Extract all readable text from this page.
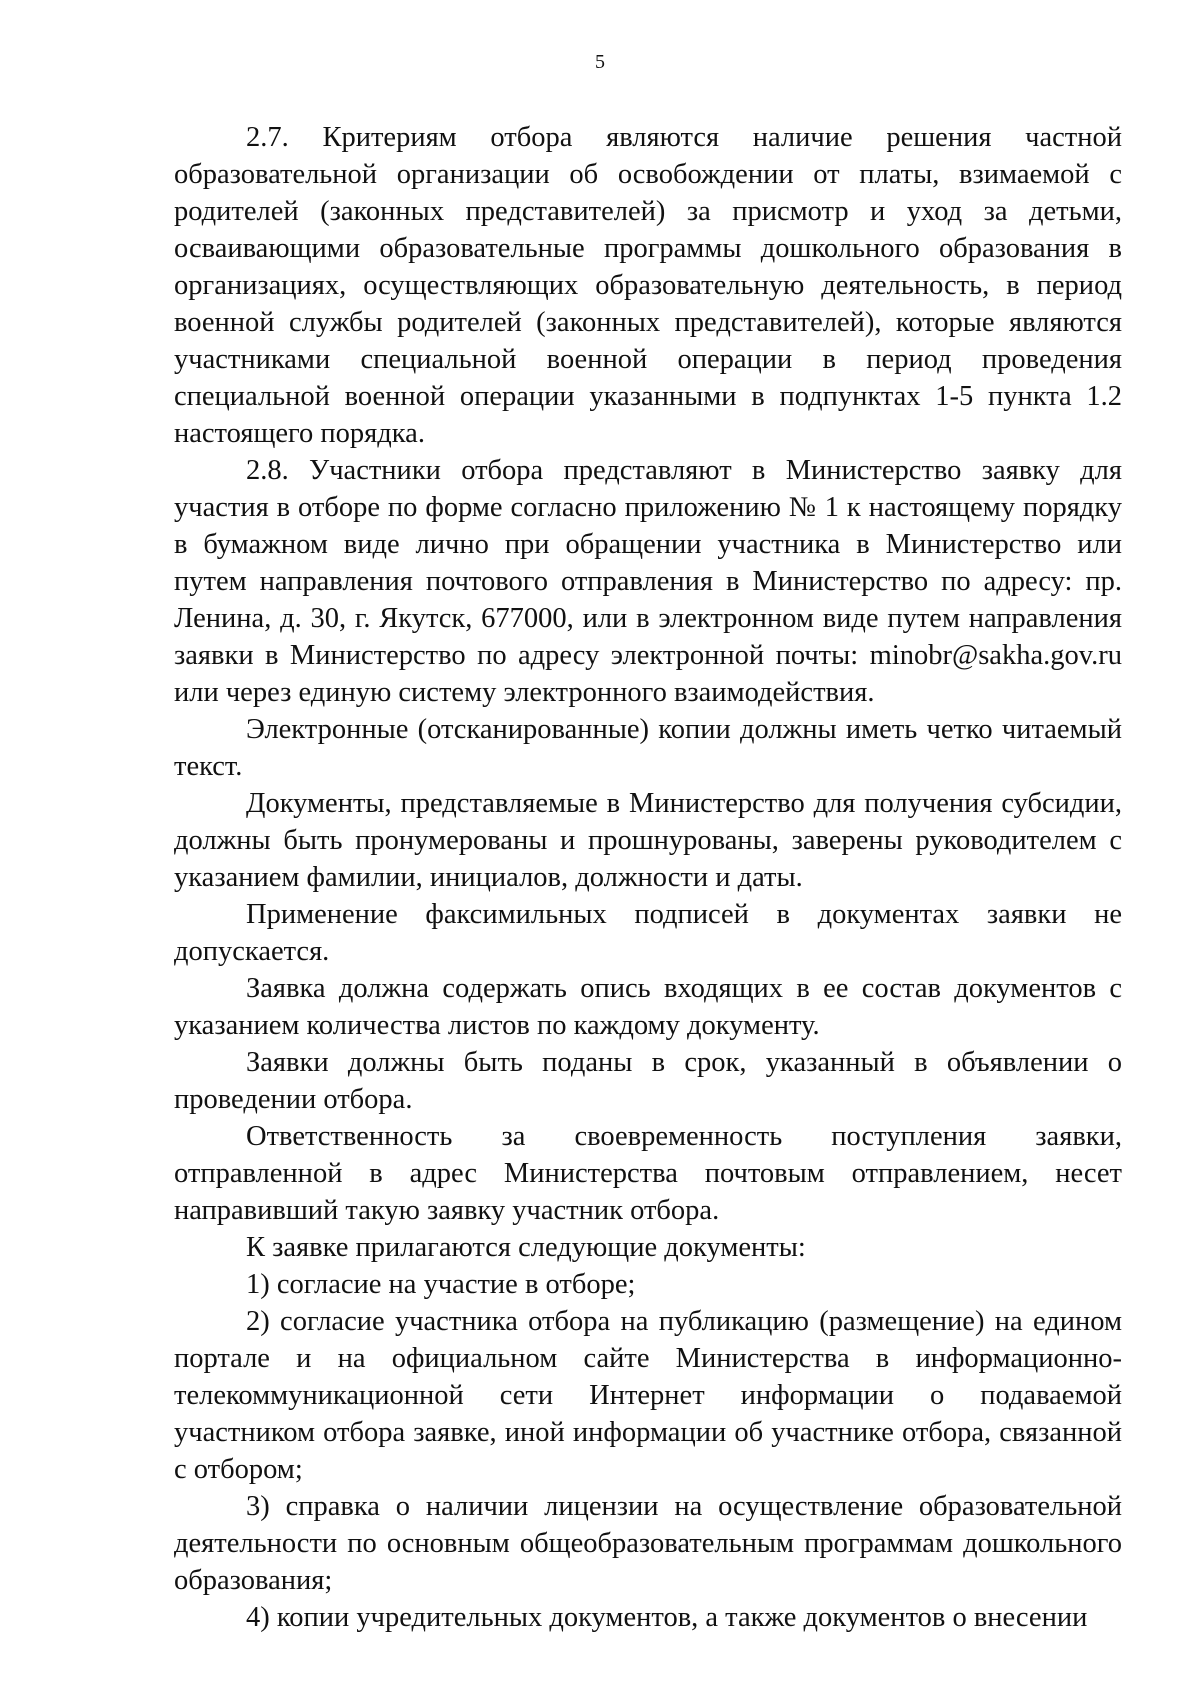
5

2.7. Критериям отбора являются наличие решения частной образовательной организации об освобождении от платы, взимаемой с родителей (законных представителей) за присмотр и уход за детьми, осваивающими образовательные программы дошкольного образования в организациях, осуществляющих образовательную деятельность, в период военной службы родителей (законных представителей), которые являются участниками специальной военной операции в период проведения специальной военной операции указанными в подпунктах 1-5 пункта 1.2 настоящего порядка.

2.8. Участники отбора представляют в Министерство заявку для участия в отборе по форме согласно приложению № 1 к настоящему порядку в бумажном виде лично при обращении участника в Министерство или путем направления почтового отправления в Министерство по адресу: пр. Ленина, д. 30, г. Якутск, 677000, или в электронном виде путем направления заявки в Министерство по адресу электронной почты: minobr@sakha.gov.ru или через единую систему электронного взаимодействия.

Электронные (отсканированные) копии должны иметь четко читаемый текст.

Документы, представляемые в Министерство для получения субсидии, должны быть пронумерованы и прошнурованы, заверены руководителем с указанием фамилии, инициалов, должности и даты.

Применение факсимильных подписей в документах заявки не допускается.

Заявка должна содержать опись входящих в ее состав документов с указанием количества листов по каждому документу.

Заявки должны быть поданы в срок, указанный в объявлении о проведении отбора.

Ответственность за своевременность поступления заявки, отправленной в адрес Министерства почтовым отправлением, несет направивший такую заявку участник отбора.

К заявке прилагаются следующие документы:

1) согласие на участие в отборе;

2) согласие участника отбора на публикацию (размещение) на едином портале и на официальном сайте Министерства в информационно-телекоммуникационной сети Интернет информации о подаваемой участником отбора заявке, иной информации об участнике отбора, связанной с отбором;

3) справка о наличии лицензии на осуществление образовательной деятельности по основным общеобразовательным программам дошкольного образования;

4) копии учредительных документов, а также документов о внесении
